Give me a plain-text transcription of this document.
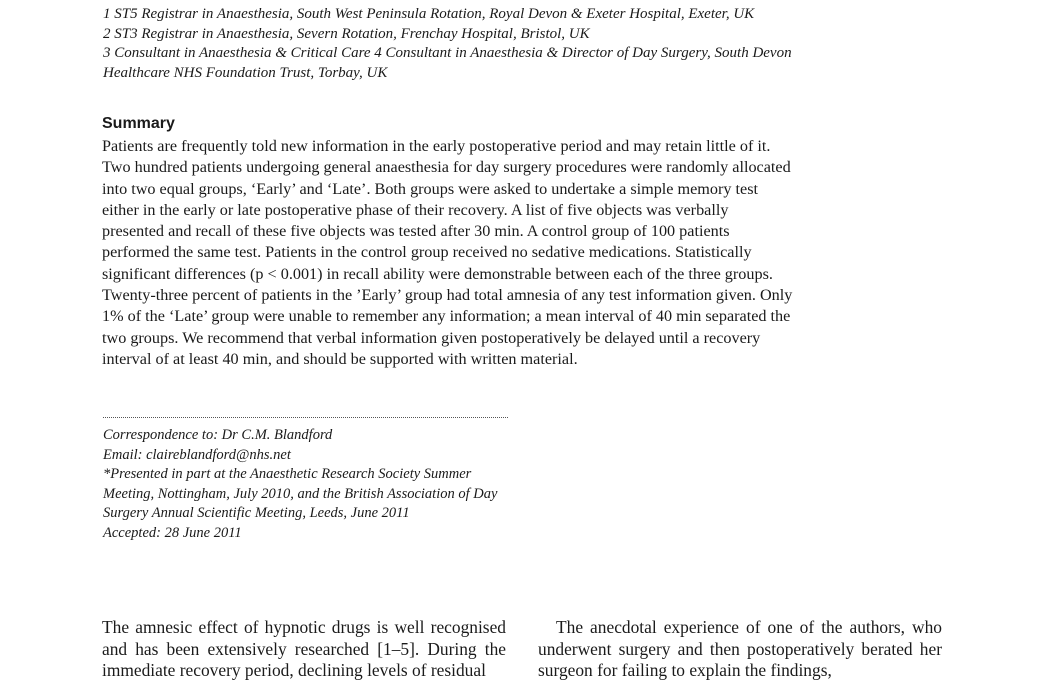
1 ST5 Registrar in Anaesthesia, South West Peninsula Rotation, Royal Devon & Exeter Hospital, Exeter, UK
2 ST3 Registrar in Anaesthesia, Severn Rotation, Frenchay Hospital, Bristol, UK
3 Consultant in Anaesthesia & Critical Care 4 Consultant in Anaesthesia & Director of Day Surgery, South Devon Healthcare NHS Foundation Trust, Torbay, UK
Summary
Patients are frequently told new information in the early postoperative period and may retain little of it. Two hundred patients undergoing general anaesthesia for day surgery procedures were randomly allocated into two equal groups, ‘Early’ and ‘Late’. Both groups were asked to undertake a simple memory test either in the early or late postoperative phase of their recovery. A list of five objects was verbally presented and recall of these five objects was tested after 30 min. A control group of 100 patients performed the same test. Patients in the control group received no sedative medications. Statistically significant differences (p < 0.001) in recall ability were demonstrable between each of the three groups. Twenty-three percent of patients in the ’Early’ group had total amnesia of any test information given. Only 1% of the ‘Late’ group were unable to remember any information; a mean interval of 40 min separated the two groups. We recommend that verbal information given postoperatively be delayed until a recovery interval of at least 40 min, and should be supported with written material.
Correspondence to: Dr C.M. Blandford
Email: claireblandford@nhs.net
*Presented in part at the Anaesthetic Research Society Summer Meeting, Nottingham, July 2010, and the British Association of Day Surgery Annual Scientific Meeting, Leeds, June 2011
Accepted: 28 June 2011

The amnesic effect of hypnotic drugs is well recognised and has been extensively researched [1–5]. During the immediate recovery period, declining levels of residual

The anecdotal experience of one of the authors, who underwent surgery and then postoperatively berated her surgeon for failing to explain the findings,
